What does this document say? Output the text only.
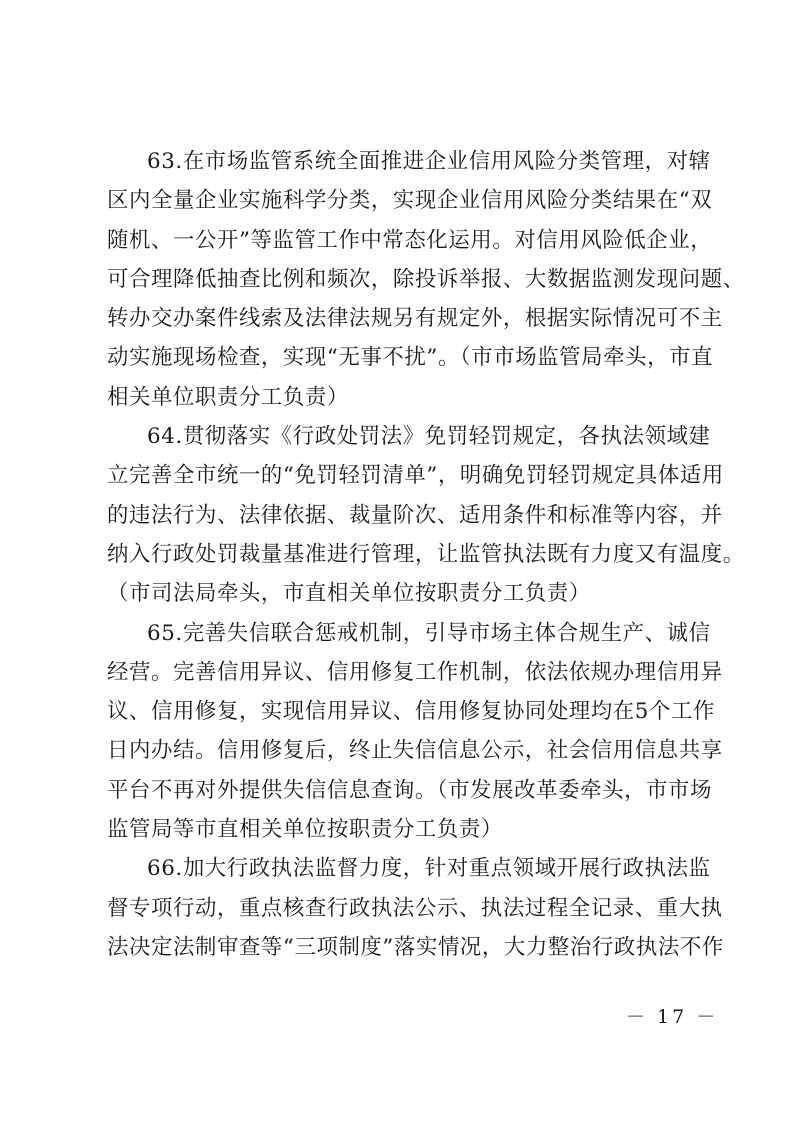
63.在市场监管系统全面推进企业信用风险分类管理，对辖
区内全量企业实施科学分类，实现企业信用风险分类结果在“双
随机、一公开”等监管工作中常态化运用。对信用风险低企业，
可合理降低抽查比例和频次，除投诉举报、大数据监测发现问题、
转办交办案件线索及法律法规另有规定外，根据实际情况可不主
动实施现场检查，实现“无事不扰”。（市市场监管局牵头，市直
相关单位职责分工负责）
64.贯彻落实《行政处罚法》免罚轻罚规定，各执法领域建
立完善全市统一的“免罚轻罚清单”，明确免罚轻罚规定具体适用
的违法行为、法律依据、裁量阶次、适用条件和标准等内容，并
纳入行政处罚裁量基准进行管理，让监管执法既有力度又有温度。
（市司法局牵头，市直相关单位按职责分工负责）
65.完善失信联合惩戒机制，引导市场主体合规生产、诚信
经营。完善信用异议、信用修复工作机制，依法依规办理信用异
议、信用修复，实现信用异议、信用修复协同处理均在5个工作
日内办结。信用修复后，终止失信信息公示，社会信用信息共享
平台不再对外提供失信信息查询。（市发展改革委牵头，市市场
监管局等市直相关单位按职责分工负责）
66.加大行政执法监督力度，针对重点领域开展行政执法监
督专项行动，重点核查行政执法公示、执法过程全记录、重大执
法决定法制审查等“三项制度”落实情况，大力整治行政执法不作
－ 17 －
